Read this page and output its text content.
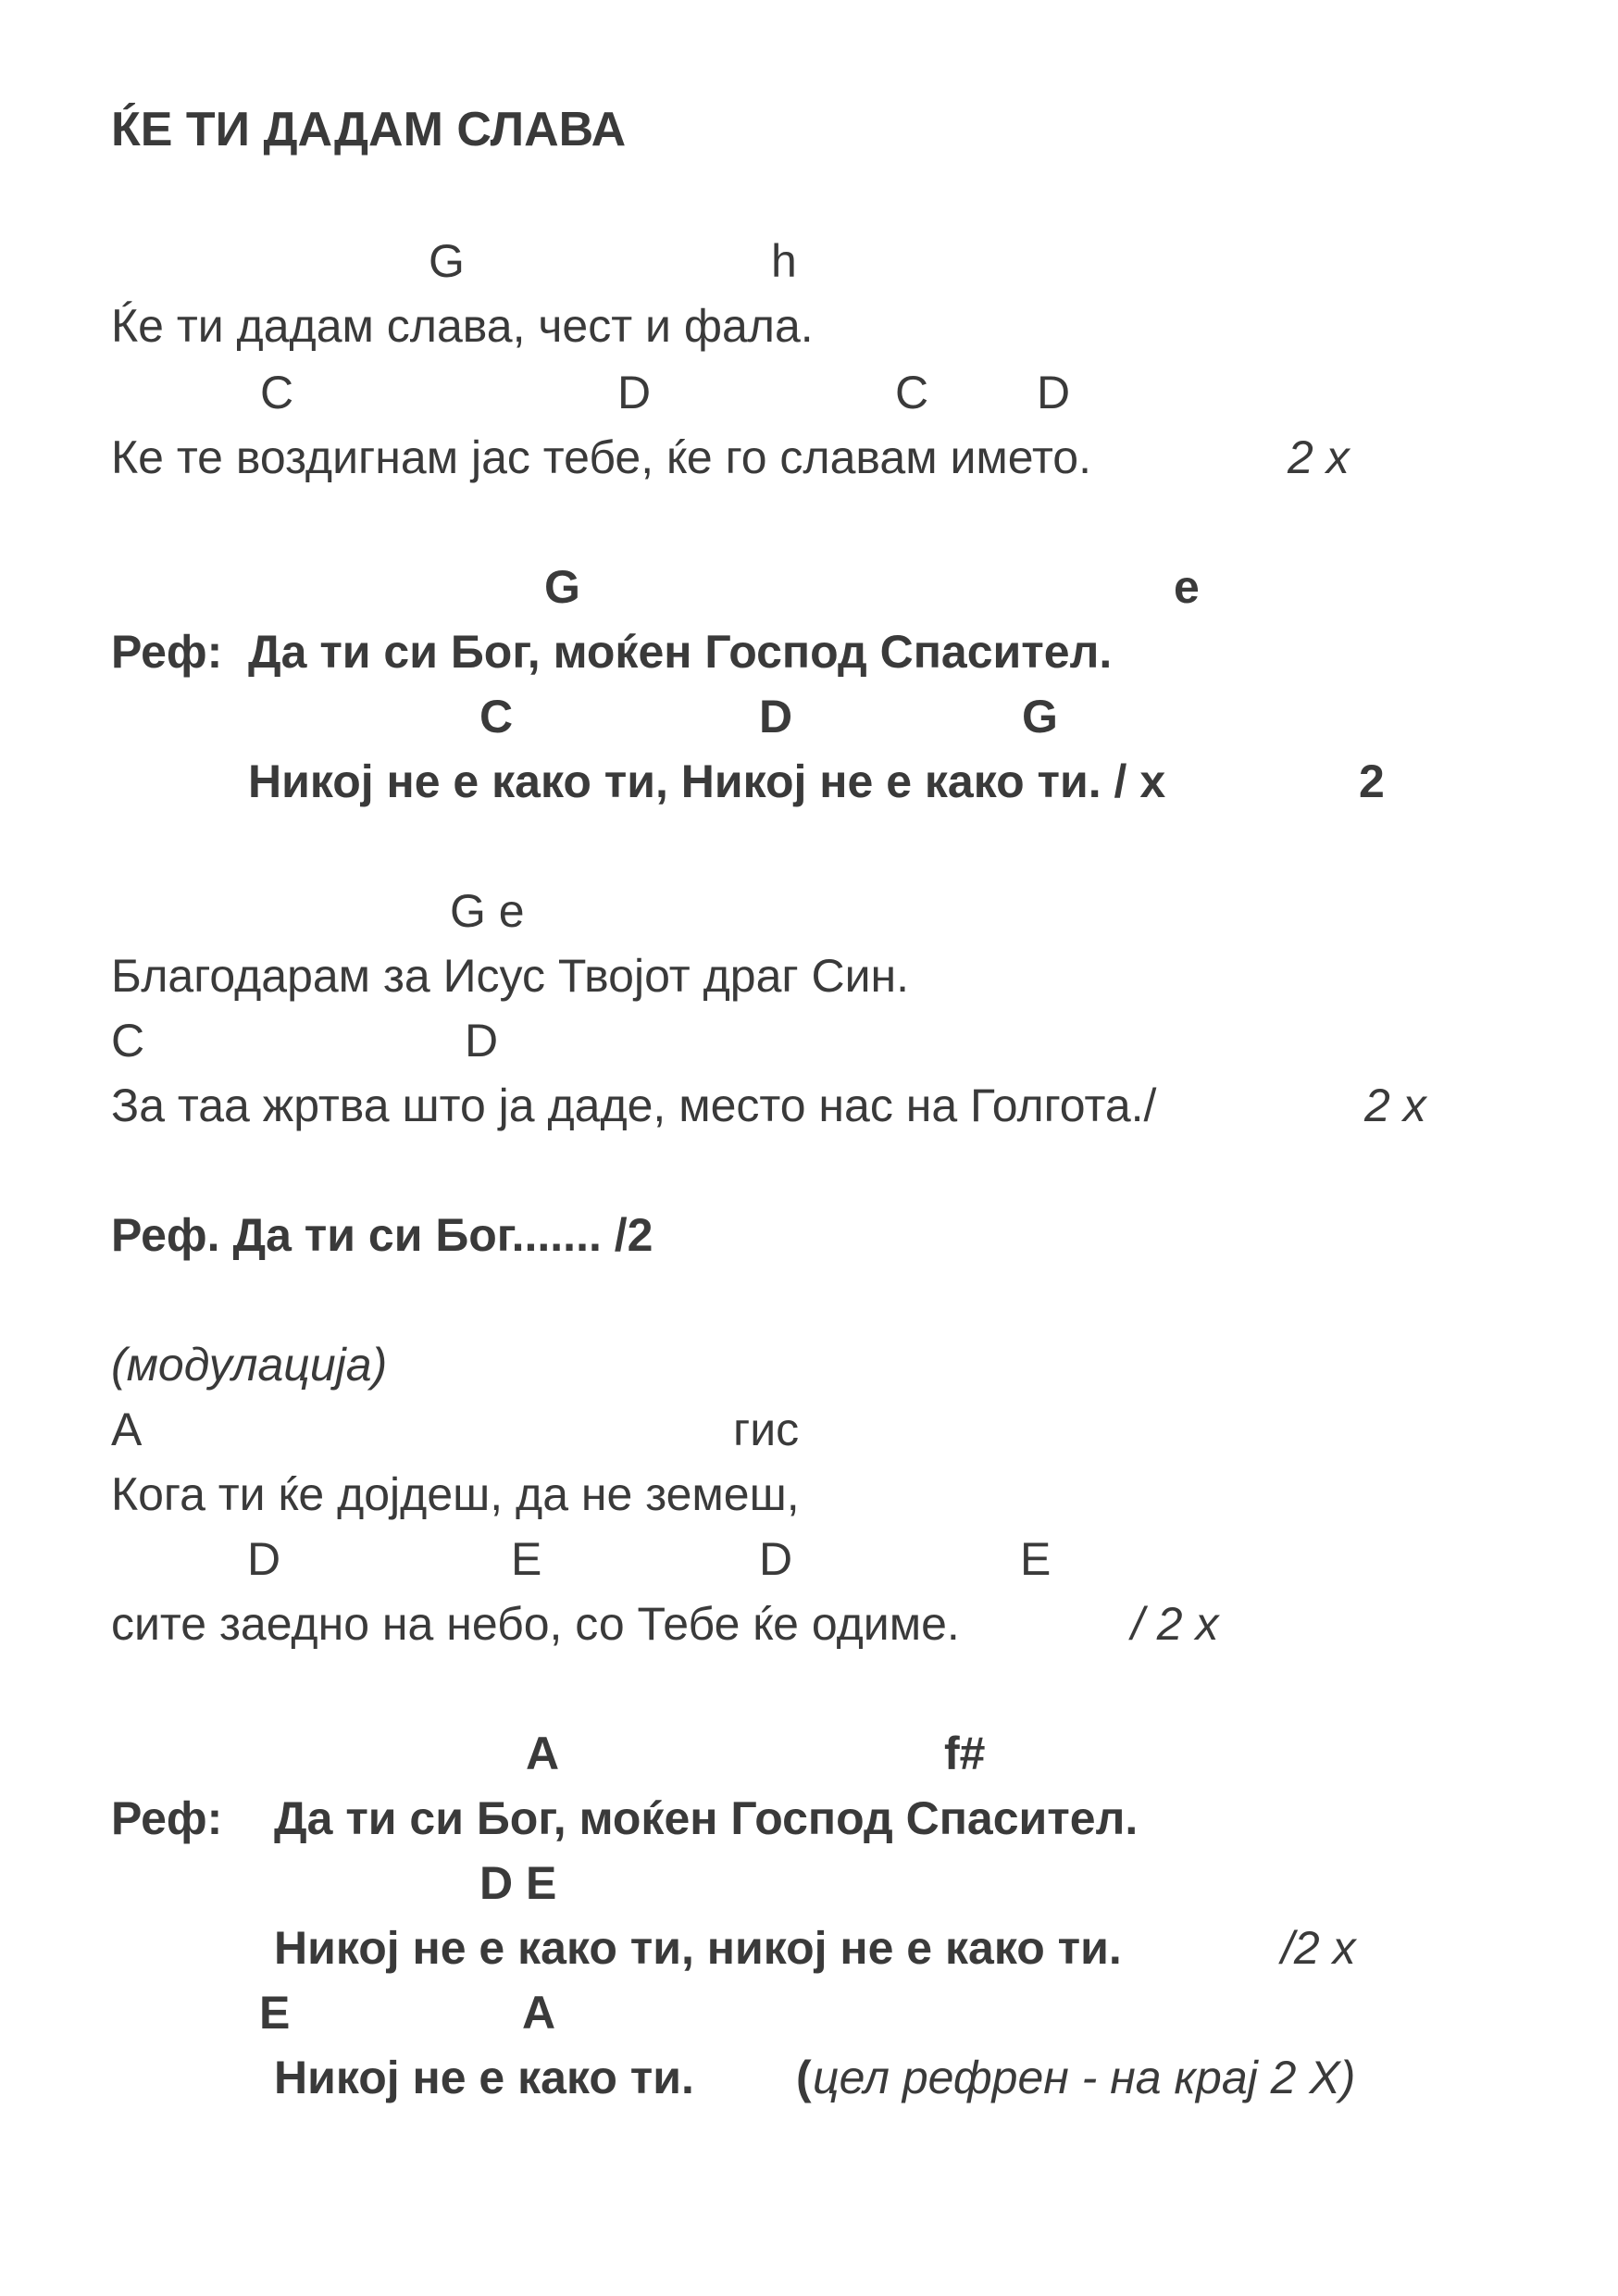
ЌЕ ТИ ДАДАМ СЛАВА
G	h
Ќе ти дадам слава, чест и фала.
C	D	C D
Ке те воздигнам јас тебе, ќе го славам името.	2 x
G	e
Реф: Да ти си Бог, моќен Господ Спасител.
C	D	G
Никој не е како ти, Никој не е како ти. / x	2
G e
Благодарам за Исус Твојот драг Син.
C	D
За таа жртва што ја даде, место нас на Голгота./	2 x
Реф. Да ти си Бог....... /2
(модулација)
A	гис
Кога ти ќе дојдеш, да не земеш,
D	E	D	E
сите заедно на небо, со Тебе ќе одиме.	/ 2 x
A	f#
Реф: Да ти си Бог, моќен Господ Спасител.
D E
Никој не е како ти, никој не е како ти.	/2 x
E	A
Никој не е како ти. ( цел рефрен - на крај 2 X)
